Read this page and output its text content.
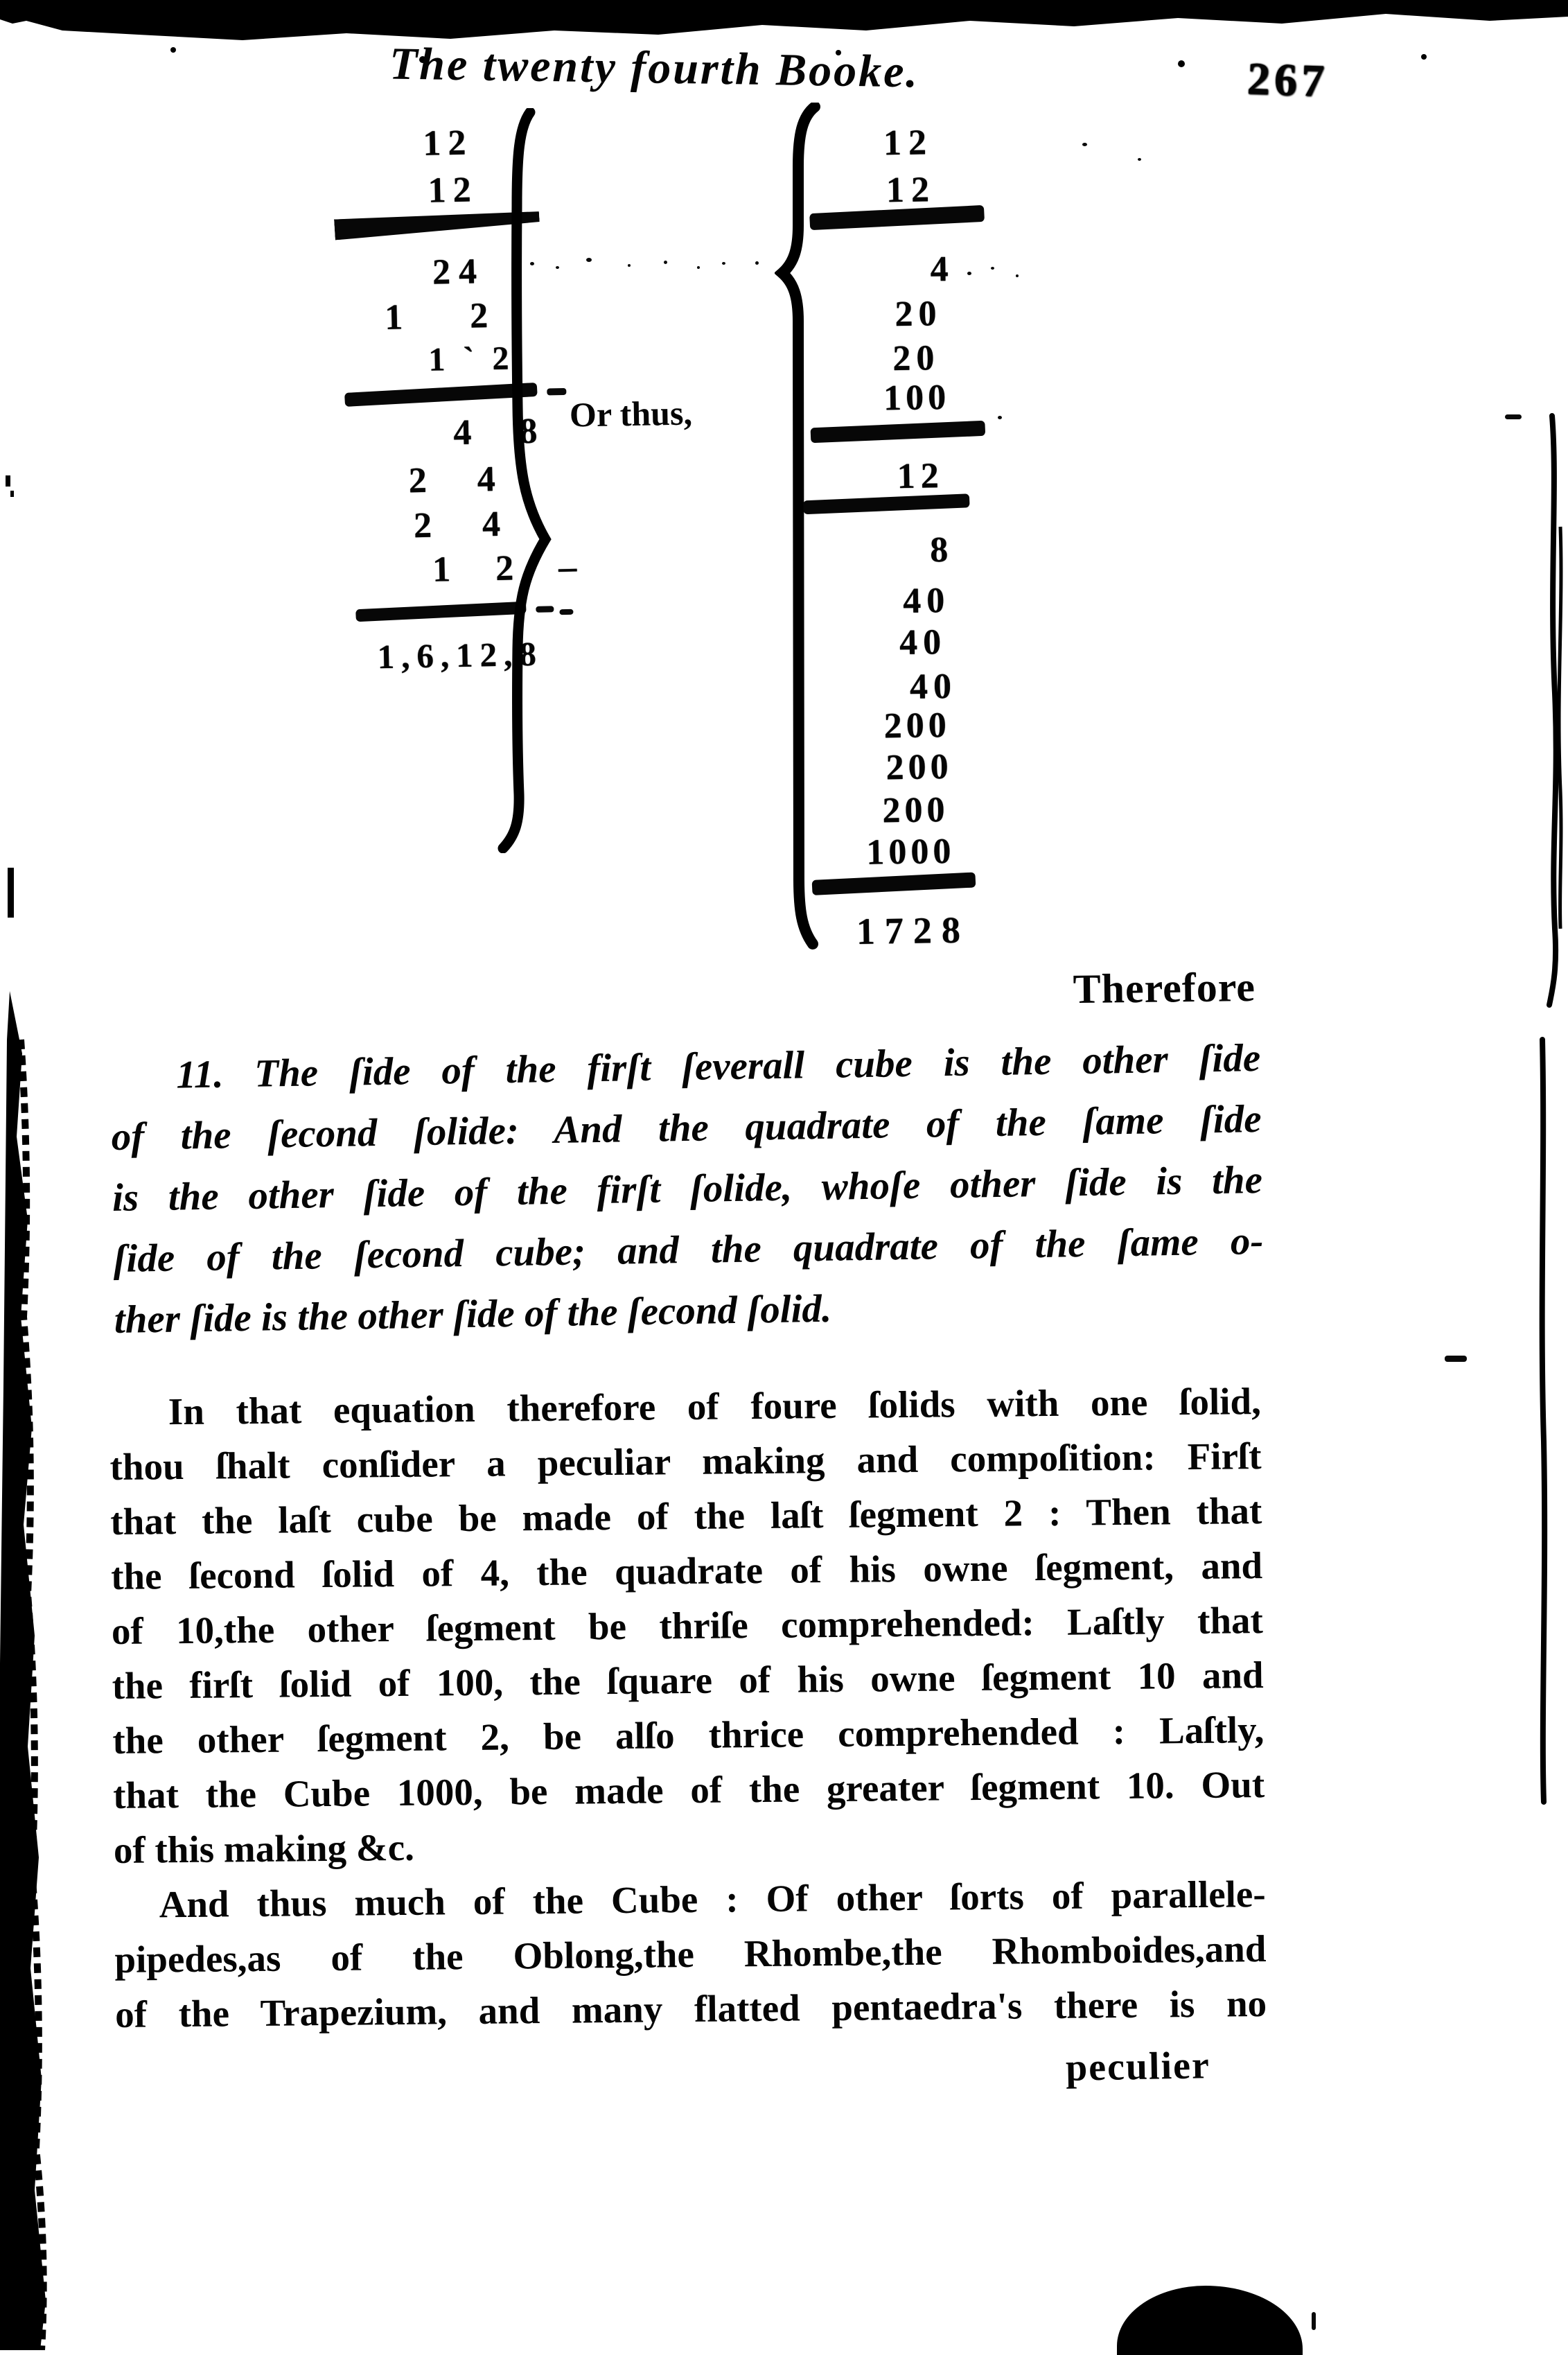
The twenty fourth Booke.	267
12
12
24
1 2
1ˋ2
4 8
2 4
2 4
1 2 –
1,6,12,8
Or thus,
12
12
4
20
20
100
12
8
40
40
40
200
200
200
1000
1728
Therefore
11. The ſide of the firſt ſeverall cube is the other ſide
of the ſecond ſolide: And the quadrate of the ſame ſide
is the other ſide of the firſt ſolide, whoſe other ſide is the
ſide of the ſecond cube; and the quadrate of the ſame o-
ther ſide is the other ſide of the ſecond ſolid.
In that equation therefore of foure ſolids with one ſolid,
thou ſhalt conſider a peculiar making and compoſition: Firſt
that the laſt cube be made of the laſt ſegment 2 : Then that
the ſecond ſolid of 4, the quadrate of his owne ſegment, and
of 10,the other ſegment be thriſe comprehended: Laſtly that
the firſt ſolid of 100, the ſquare of his owne ſegment 10 and
the other ſegment 2, be alſo thrice comprehended : Laſtly,
that the Cube 1000, be made of the greater ſegment 10. Out
of this making &c.
And thus much of the Cube : Of other ſorts of parallele-
pipedes,as of the Oblong,the Rhombe,the Rhomboides,and
of the Trapezium, and many flatted pentaedra's there is no
peculier
